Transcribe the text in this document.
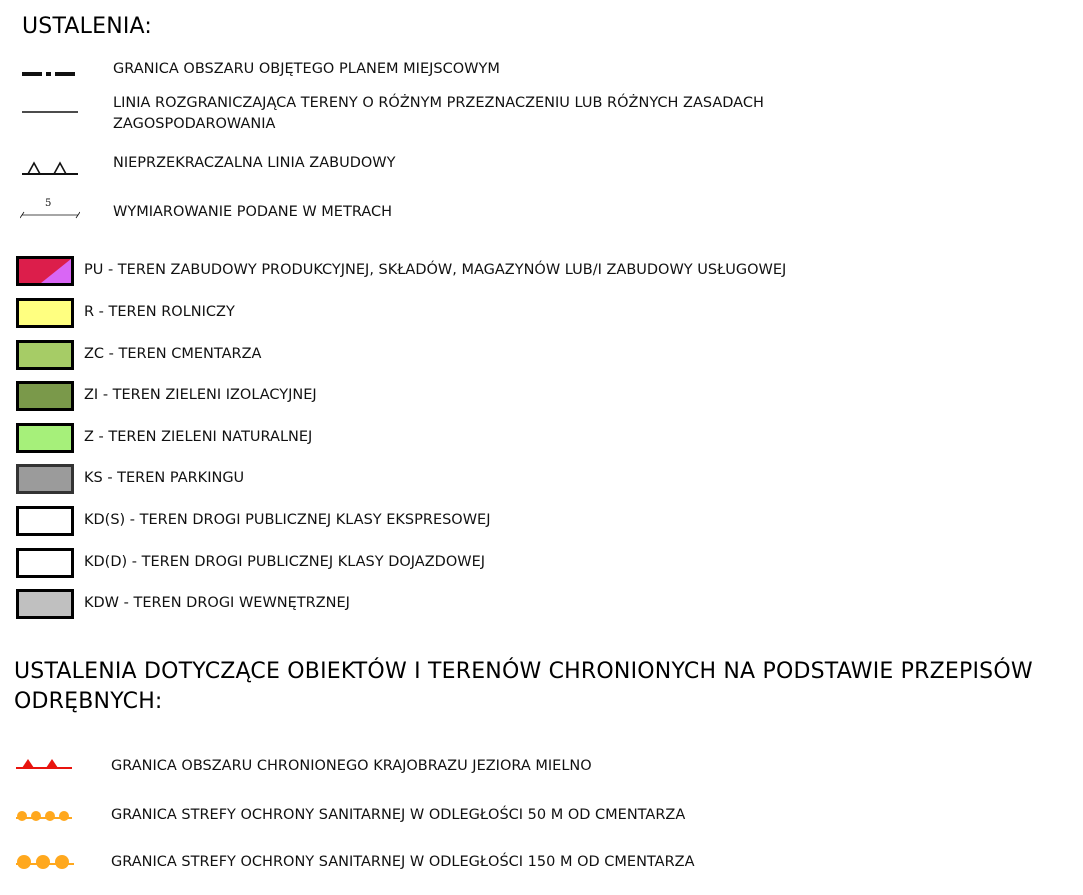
USTALENIA:
GRANICA OBSZARU OBJĘTEGO PLANEM MIEJSCOWYM
LINIA ROZGRANICZAJĄCA TERENY O RÓŻNYM PRZEZNACZENIU LUB RÓŻNYCH ZASADACH ZAGOSPODAROWANIA
NIEPRZEKRACZALNA LINIA ZABUDOWY
5
WYMIAROWANIE PODANE W METRACH
PU - TEREN ZABUDOWY PRODUKCYJNEJ, SKŁADÓW, MAGAZYNÓW LUB/I ZABUDOWY USŁUGOWEJ
R - TEREN ROLNICZY
ZC - TEREN CMENTARZA
ZI - TEREN ZIELENI IZOLACYJNEJ
Z - TEREN ZIELENI NATURALNEJ
KS - TEREN PARKINGU
KD(S) - TEREN DROGI PUBLICZNEJ KLASY EKSPRESOWEJ
KD(D) - TEREN DROGI PUBLICZNEJ KLASY DOJAZDOWEJ
KDW - TEREN DROGI WEWNĘTRZNEJ
USTALENIA DOTYCZĄCE OBIEKTÓW I TERENÓW CHRONIONYCH NA PODSTAWIE PRZEPISÓW
ODRĘBNYCH:
GRANICA OBSZARU CHRONIONEGO KRAJOBRAZU JEZIORA MIELNO
GRANICA STREFY OCHRONY SANITARNEJ W ODLEGŁOŚCI 50 M OD CMENTARZA
GRANICA STREFY OCHRONY SANITARNEJ W ODLEGŁOŚCI 150 M OD CMENTARZA
